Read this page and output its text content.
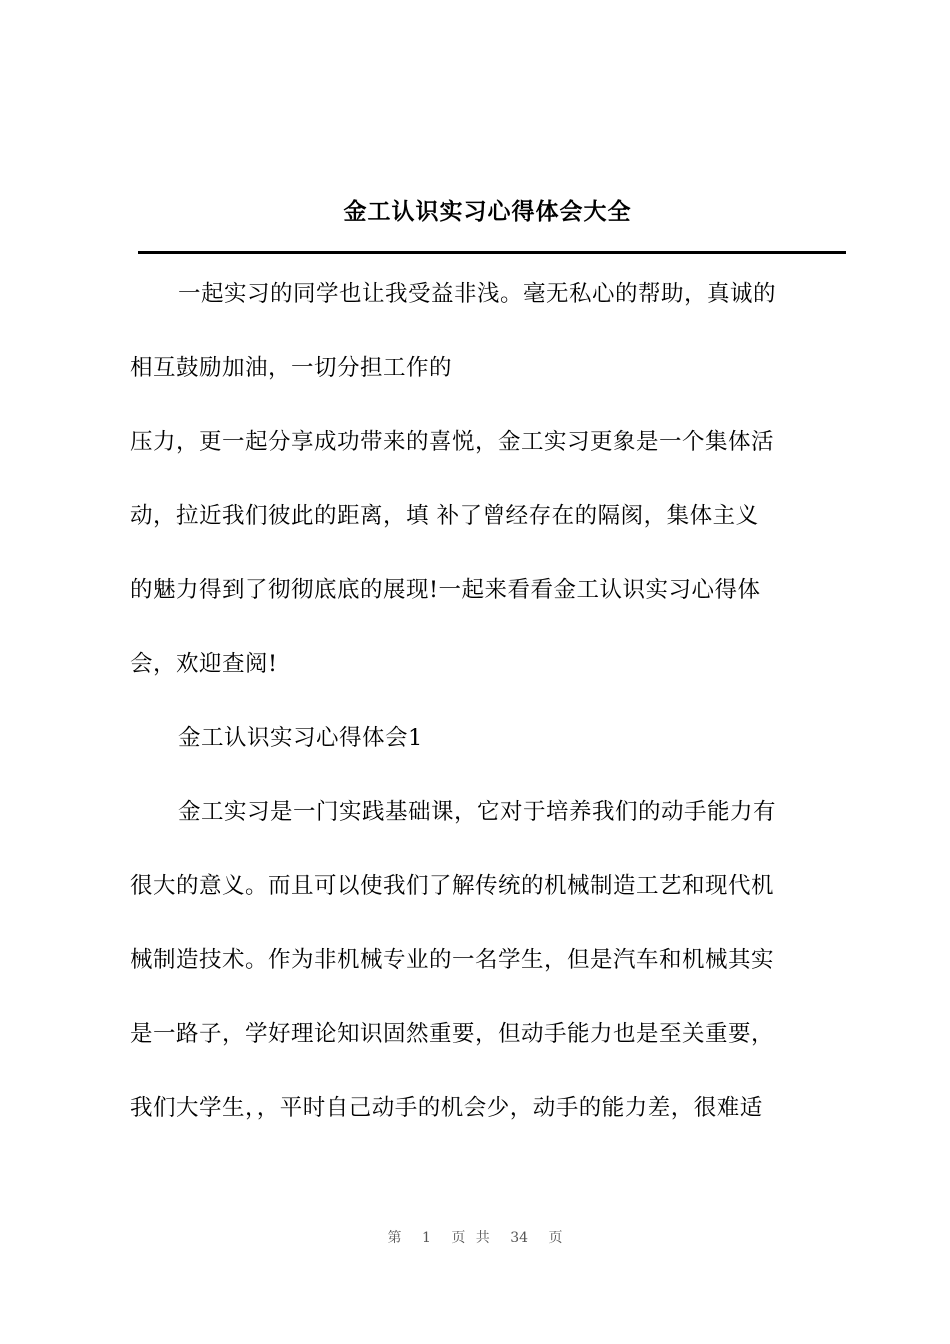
金工认识实习心得体会大全
一起实习的同学也让我受益非浅。毫无私心的帮助，真诚的
相互鼓励加油，一切分担工作的
压力，更一起分享成功带来的喜悦，金工实习更象是一个集体活
动，拉近我们彼此的距离，填 补了曾经存在的隔阂，集体主义
的魅力得到了彻彻底底的展现!一起来看看金工认识实习心得体
会，欢迎查阅!
金工认识实习心得体会1
金工实习是一门实践基础课，它对于培养我们的动手能力有
很大的意义。而且可以使我们了解传统的机械制造工艺和现代机
械制造技术。作为非机械专业的一名学生，但是汽车和机械其实
是一路子，学好理论知识固然重要，但动手能力也是至关重要，
我们大学生，，平时自己动手的机会少，动手的能力差，很难适
第 1 页 共 34 页
